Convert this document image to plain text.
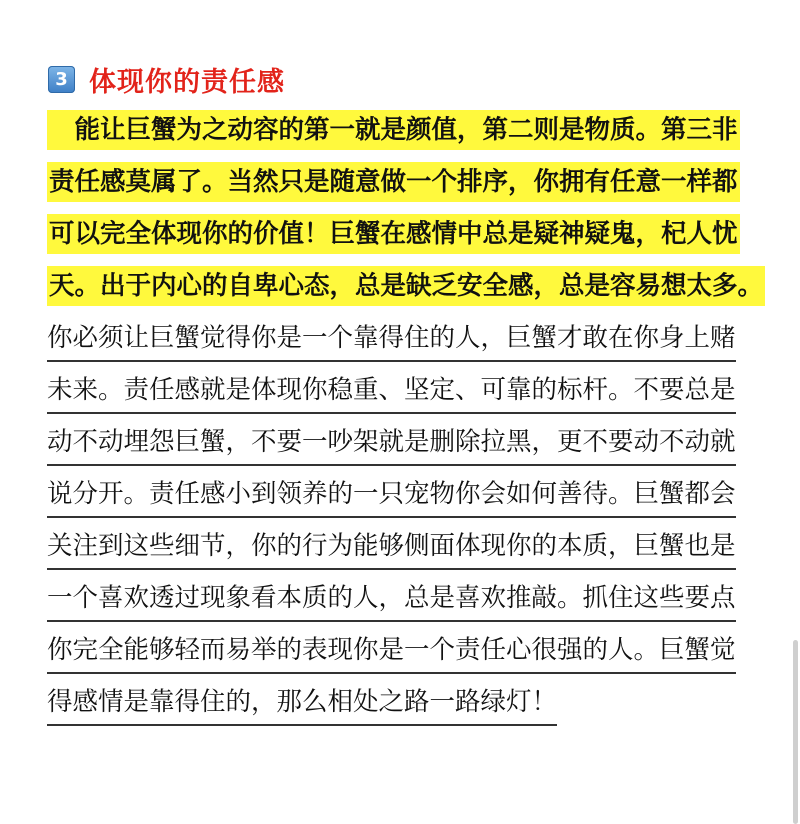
3 体现你的责任感
　能让巨蟹为之动容的第一就是颜值，第二则是物质。第三非
责任感莫属了。当然只是随意做一个排序，你拥有任意一样都
可以完全体现你的价值！巨蟹在感情中总是疑神疑鬼，杞人忧
天。出于内心的自卑心态，总是缺乏安全感，总是容易想太多。
你必须让巨蟹觉得你是一个靠得住的人，巨蟹才敢在你身上赌
未来。责任感就是体现你稳重、坚定、可靠的标杆。不要总是
动不动埋怨巨蟹，不要一吵架就是删除拉黑，更不要动不动就
说分开。责任感小到领养的一只宠物你会如何善待。巨蟹都会
关注到这些细节，你的行为能够侧面体现你的本质，巨蟹也是
一个喜欢透过现象看本质的人，总是喜欢推敲。抓住这些要点
你完全能够轻而易举的表现你是一个责任心很强的人。巨蟹觉
得感情是靠得住的，那么相处之路一路绿灯！
